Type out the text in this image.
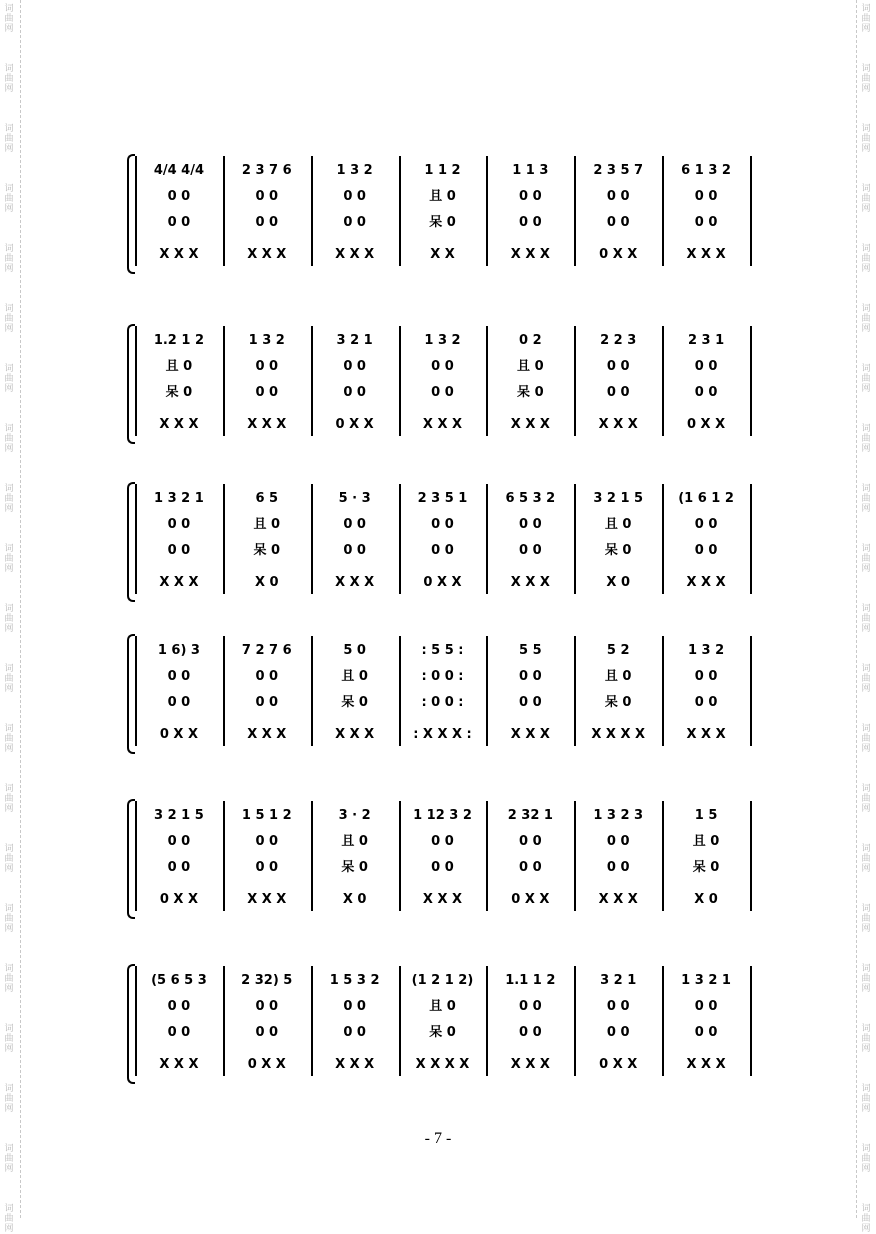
4/4 4/4
0 0
0 0
X X X
2 3 7 6
0 0
0 0
X X X
1 3 2
0 0
0 0
X X X
1 1 2
且 0
呆 0
X X
1 1 3
0 0
0 0
X X X
2 3 5 7
0 0
0 0
0 X X
6 1 3 2
0 0
0 0
X X X
1.2 1 2
且 0
呆 0
X X X
1 3 2
0 0
0 0
X X X
3 2 1
0 0
0 0
0 X X
1 3 2
0 0
0 0
X X X
0 2
且 0
呆 0
X X X
2 2 3
0 0
0 0
X X X
2 3 1
0 0
0 0
0 X X
1 3 2 1
0 0
0 0
X X X
6 5
且 0
呆 0
X 0
5 · 3
0 0
0 0
X X X
2 3 5 1
0 0
0 0
0 X X
6 5 3 2
0 0
0 0
X X X
3 2 1 5
且 0
呆 0
X 0
(1 6 1 2
0 0
0 0
X X X
1 6) 3
0 0
0 0
0 X X
7 2 7 6
0 0
0 0
X X X
5 0
且 0
呆 0
X X X
: 5 5 :
: 0 0 :
: 0 0 :
: X X X :
5 5
0 0
0 0
X X X
5 2
且 0
呆 0
X X X X
1 3 2
0 0
0 0
X X X
3 2 1 5
0 0
0 0
0 X X
1 5 1 2
0 0
0 0
X X X
3 · 2
且 0
呆 0
X 0
1 12 3 2
0 0
0 0
X X X
2 32 1
0 0
0 0
0 X X
1 3 2 3
0 0
0 0
X X X
1 5
且 0
呆 0
X 0
(5 6 5 3
0 0
0 0
X X X
2 32) 5
0 0
0 0
0 X X
1 5 3 2
0 0
0 0
X X X
(1 2 1 2)
且 0
呆 0
X X X X
1.1 1 2
0 0
0 0
X X X
3 2 1
0 0
0 0
0 X X
1 3 2 1
0 0
0 0
X X X
- 7 -
词
曲
网
词
曲
网
词
曲
网
词
曲
网
词
曲
网
词
曲
网
词
曲
网
词
曲
网
词
曲
网
词
曲
网
词
曲
网
词
曲
网
词
曲
网
词
曲
网
词
曲
网
词
曲
网
词
曲
网
词
曲
网
词
曲
网
词
曲
网
词
曲
网
词
曲
网
词
曲
网
词
曲
网
词
曲
网
词
曲
网
词
曲
网
词
曲
网
词
曲
网
词
曲
网
词
曲
网
词
曲
网
词
曲
网
词
曲
网
词
曲
网
词
曲
网
词
曲
网
词
曲
网
词
曲
网
词
曲
网
词
曲
网
词
曲
网
